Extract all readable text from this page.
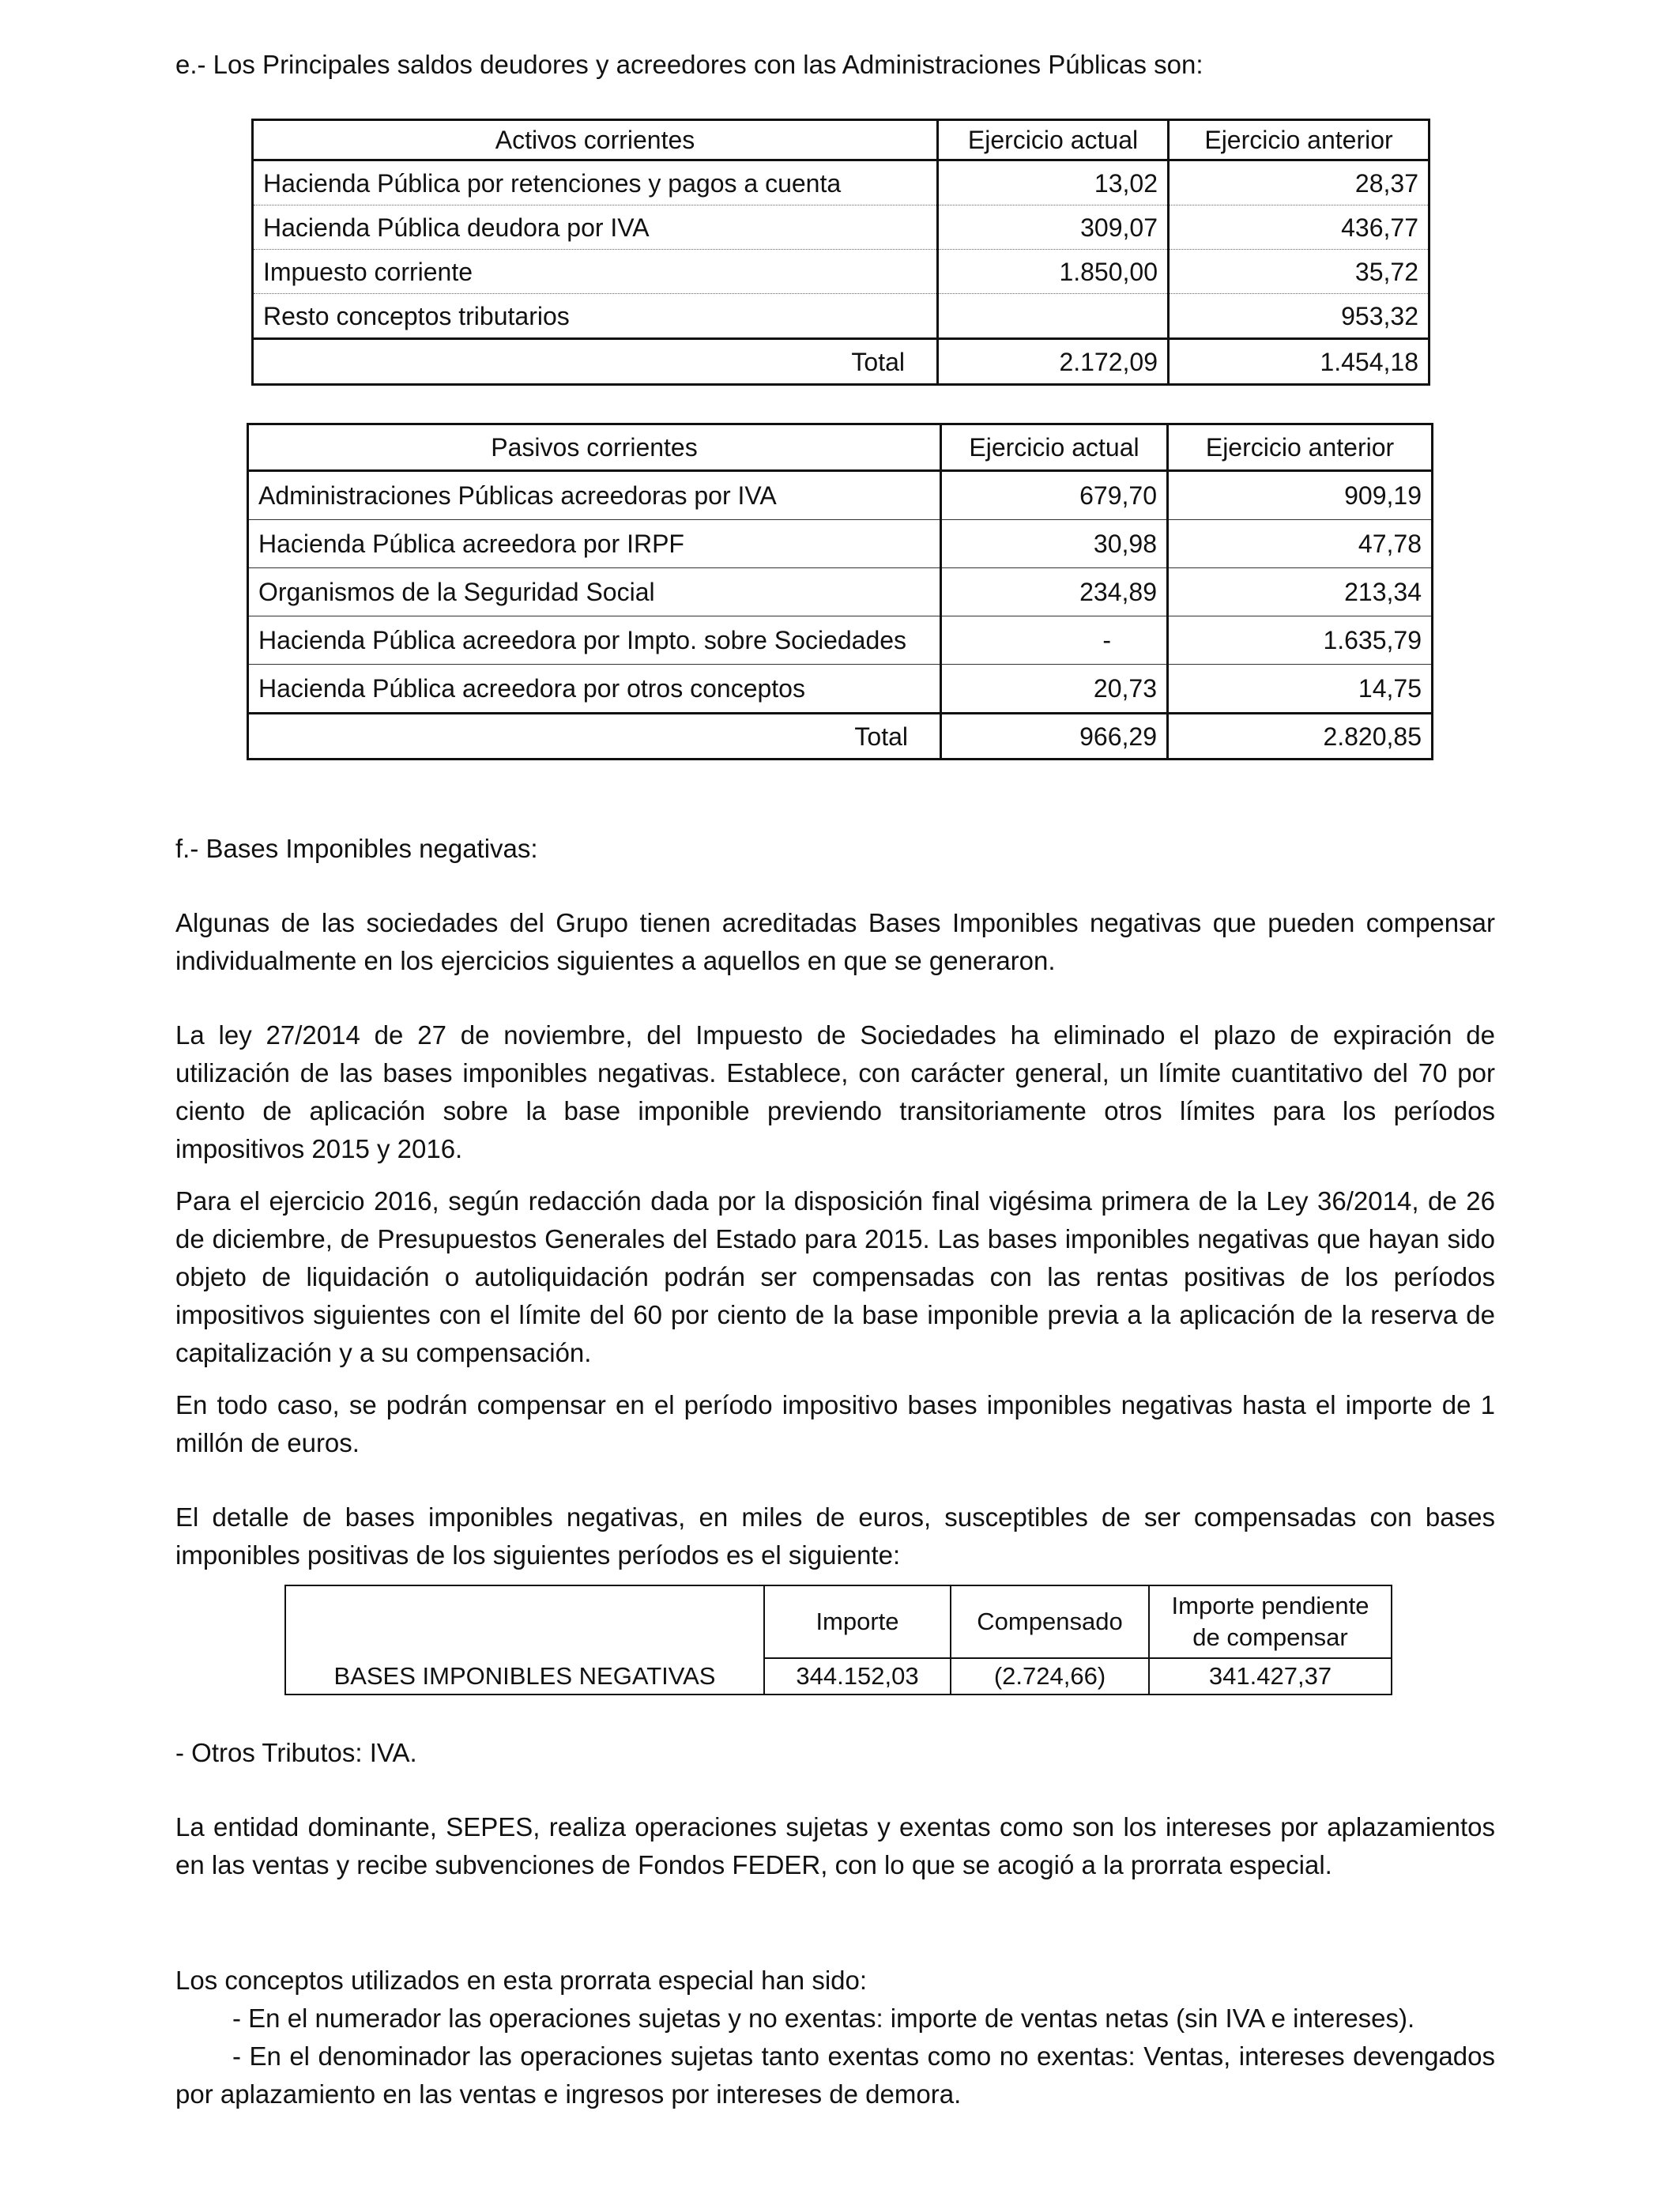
e.- Los Principales saldos deudores y acreedores con las Administraciones Públicas son:

Activos corrientes	Ejercicio actual	Ejercicio anterior
Hacienda Pública por retenciones y pagos a cuenta	13,02	28,37
Hacienda Pública deudora por IVA	309,07	436,77
Impuesto corriente	1.850,00	35,72
Resto conceptos tributarios		953,32
Total	2.172,09	1.454,18
Pasivos corrientes	Ejercicio actual	Ejercicio anterior
Administraciones Públicas acreedoras por IVA	679,70	909,19
Hacienda Pública acreedora por IRPF	30,98	47,78
Organismos de la Seguridad Social	234,89	213,34
Hacienda Pública acreedora por Impto. sobre Sociedades	-	1.635,79
Hacienda Pública acreedora por otros conceptos	20,73	14,75
Total	966,29	2.820,85

f.- Bases Imponibles negativas:

Algunas de las sociedades del Grupo tienen acreditadas Bases Imponibles negativas que pueden compensar individualmente en los ejercicios siguientes a aquellos en que se generaron.

La ley 27/2014 de 27 de noviembre, del Impuesto de Sociedades ha eliminado el plazo de expiración de utilización de las bases imponibles negativas. Establece, con carácter general, un límite cuantitativo del 70 por ciento de aplicación sobre la base imponible previendo transitoriamente otros límites para los períodos impositivos 2015 y 2016.

Para el ejercicio 2016, según redacción dada por la disposición final vigésima primera de la Ley 36/2014, de 26 de diciembre, de Presupuestos Generales del Estado para 2015. Las bases imponibles negativas que hayan sido objeto de liquidación o autoliquidación podrán ser compensadas con las rentas positivas de los períodos impositivos siguientes con el límite del 60 por ciento de la base imponible previa a la aplicación de la reserva de capitalización y a su compensación.

En todo caso, se podrán compensar en el período impositivo bases imponibles negativas hasta el importe de 1 millón de euros.

El detalle de bases imponibles negativas, en miles de euros, susceptibles de ser compensadas con bases imponibles positivas de los siguientes períodos es el siguiente:

	Importe	Compensado	Importe pendiente
de compensar

BASES IMPONIBLES NEGATIVAS	344.152,03	(2.724,66)	341.427,37

- Otros Tributos: IVA.

La entidad dominante, SEPES, realiza operaciones sujetas y exentas como son los intereses por aplazamientos en las ventas y recibe subvenciones de Fondos FEDER, con lo que se acogió a la prorrata especial.

Los conceptos utilizados en esta prorrata especial han sido:

- En el numerador las operaciones sujetas y no exentas: importe de ventas netas (sin IVA e intereses).

- En el denominador las operaciones sujetas tanto exentas como no exentas: Ventas, intereses devengados por aplazamiento en las ventas e ingresos por intereses de demora.
